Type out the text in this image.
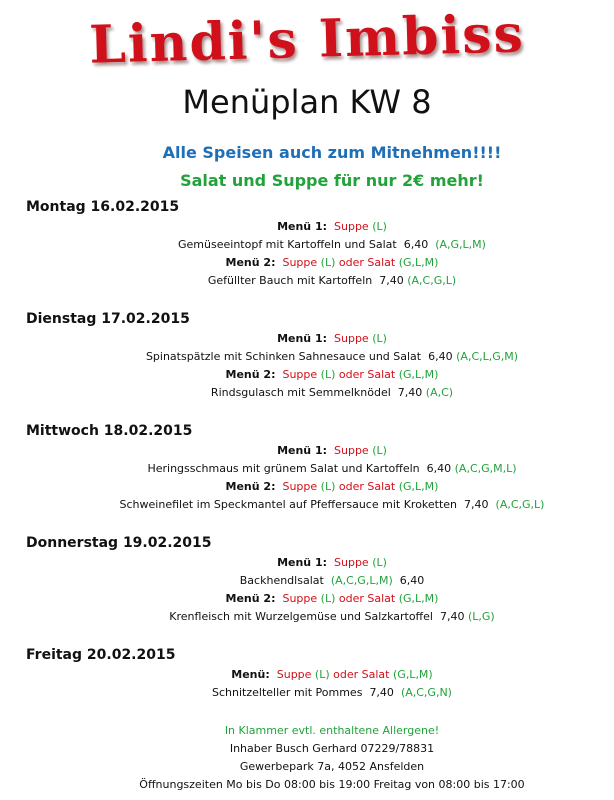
Lindi's Imbiss
Menüplan KW 8
Alle Speisen auch zum Mitnehmen!!!!
Salat und Suppe für nur 2€ mehr!
Montag 16.02.2015
Menü 1: Suppe (L)
Gemüseeintopf mit Kartoffeln und Salat 6,40 (A,G,L,M)
Menü 2: Suppe (L) oder Salat (G,L,M)
Gefüllter Bauch mit Kartoffeln 7,40 (A,C,G,L)
Dienstag 17.02.2015
Menü 1: Suppe (L)
Spinatspätzle mit Schinken Sahnesauce und Salat 6,40 (A,C,L,G,M)
Menü 2: Suppe (L) oder Salat (G,L,M)
Rindsgulasch mit Semmelknödel 7,40 (A,C)
Mittwoch 18.02.2015
Menü 1: Suppe (L)
Heringsschmaus mit grünem Salat und Kartoffeln 6,40 (A,C,G,M,L)
Menü 2: Suppe (L) oder Salat (G,L,M)
Schweinefilet im Speckmantel auf Pfeffersauce mit Kroketten 7,40 (A,C,G,L)
Donnerstag 19.02.2015
Menü 1: Suppe (L)
Backhendlsalat (A,C,G,L,M) 6,40
Menü 2: Suppe (L) oder Salat (G,L,M)
Krenfleisch mit Wurzelgemüse und Salzkartoffel 7,40 (L,G)
Freitag 20.02.2015
Menü: Suppe (L) oder Salat (G,L,M)
Schnitzelteller mit Pommes 7,40 (A,C,G,N)
In Klammer evtl. enthaltene Allergene!
Inhaber Busch Gerhard 07229/78831
Gewerbepark 7a, 4052 Ansfelden
Öffnungszeiten Mo bis Do 08:00 bis 19:00 Freitag von 08:00 bis 17:00
